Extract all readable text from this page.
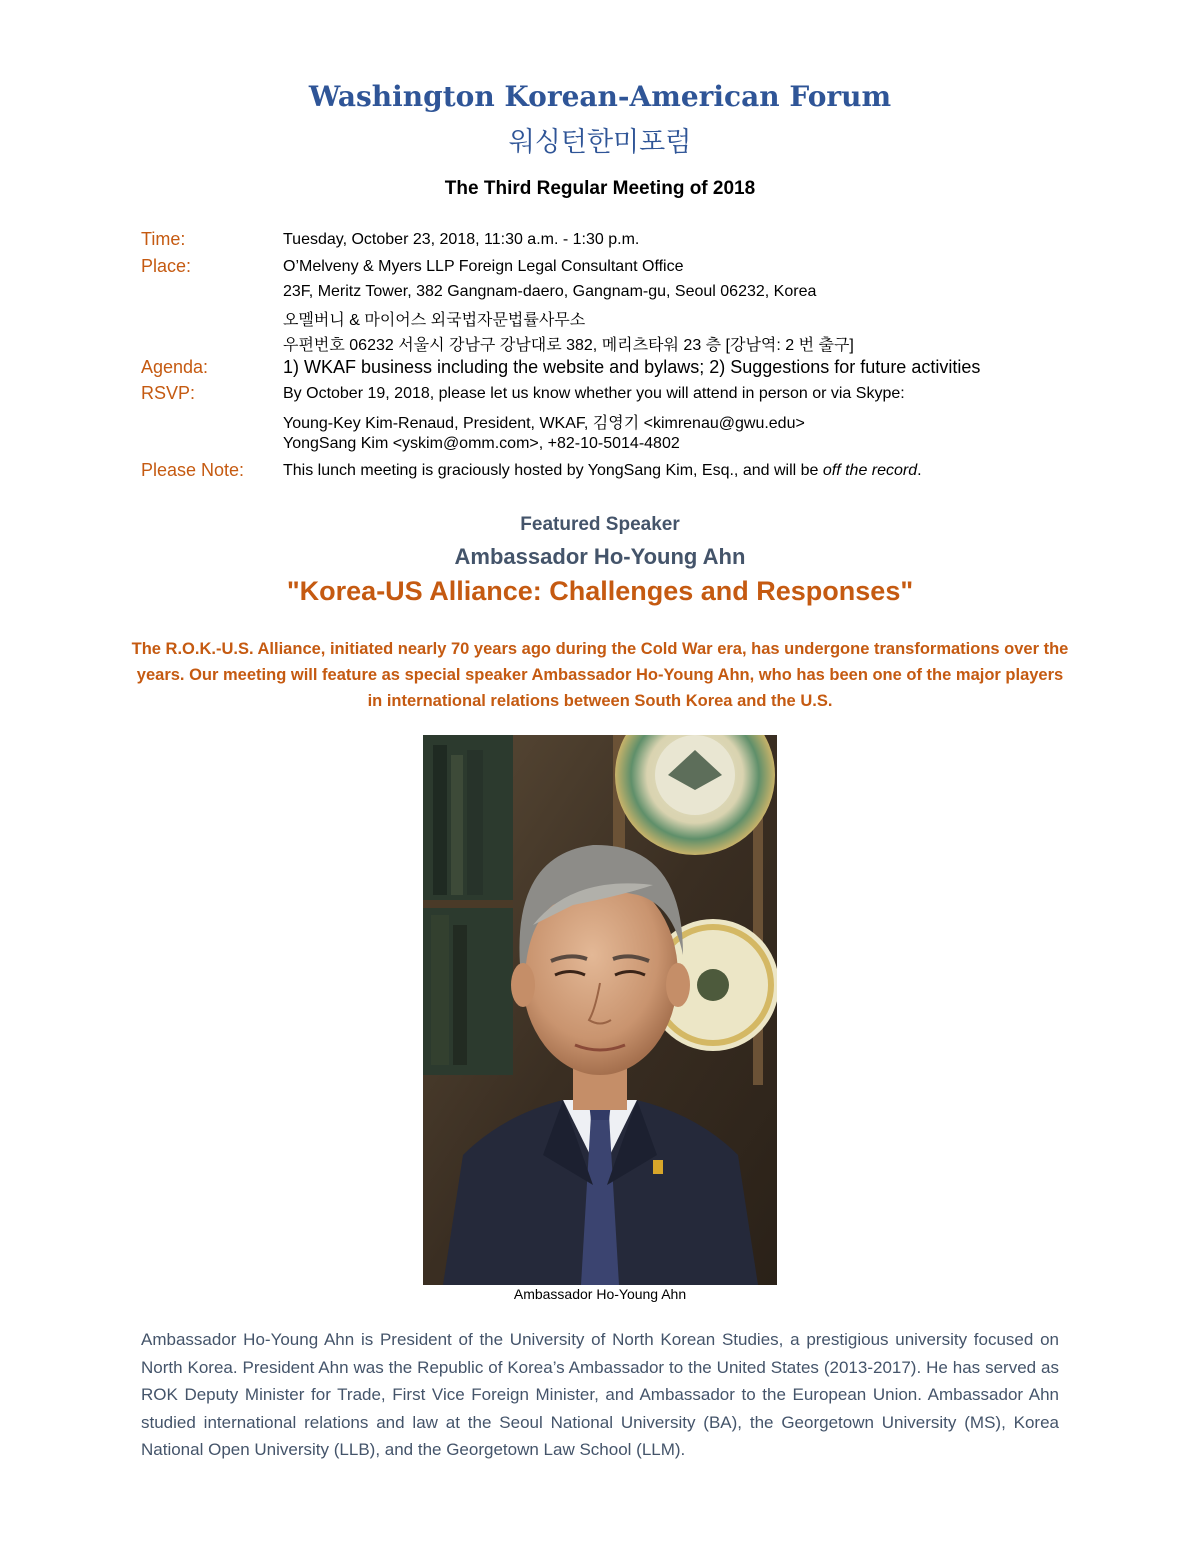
Washington Korean-American Forum
워싱턴한미포럼
The Third Regular Meeting of 2018
Time:	Tuesday, October 23, 2018, 11:30 a.m. - 1:30 p.m.
Place:	O’Melveny & Myers LLP Foreign Legal Consultant Office
23F, Meritz Tower, 382 Gangnam-daero, Gangnam-gu, Seoul 06232, Korea
오멜버니 & 마이어스 외국법자문법률사무소
우편번호 06232 서울시 강남구 강남대로 382, 메리츠타워 23 층 [강남역: 2 번 출구]
Agenda:	1) WKAF business including the website and bylaws; 2) Suggestions for future activities
RSVP:	By October 19, 2018, please let us know whether you will attend in person or via Skype:
Young-Key Kim-Renaud, President, WKAF, 김영기 <kimrenau@gwu.edu>
YongSang Kim <yskim@omm.com>, +82-10-5014-4802
Please Note: This lunch meeting is graciously hosted by YongSang Kim, Esq., and will be off the record.
Featured Speaker
Ambassador Ho-Young Ahn
"Korea-US Alliance: Challenges and Responses"
The R.O.K.-U.S. Alliance, initiated nearly 70 years ago during the Cold War era, has undergone transformations over the years. Our meeting will feature as special speaker Ambassador Ho-Young Ahn, who has been one of the major players in international relations between South Korea and the U.S.
Ambassador Ho-Young Ahn
Ambassador Ho-Young Ahn is President of the University of North Korean Studies, a prestigious university focused on North Korea. President Ahn was the Republic of Korea’s Ambassador to the United States (2013-2017). He has served as ROK Deputy Minister for Trade, First Vice Foreign Minister, and Ambassador to the European Union. Ambassador Ahn studied international relations and law at the Seoul National University (BA), the Georgetown University (MS), Korea National Open University (LLB), and the Georgetown Law School (LLM).
